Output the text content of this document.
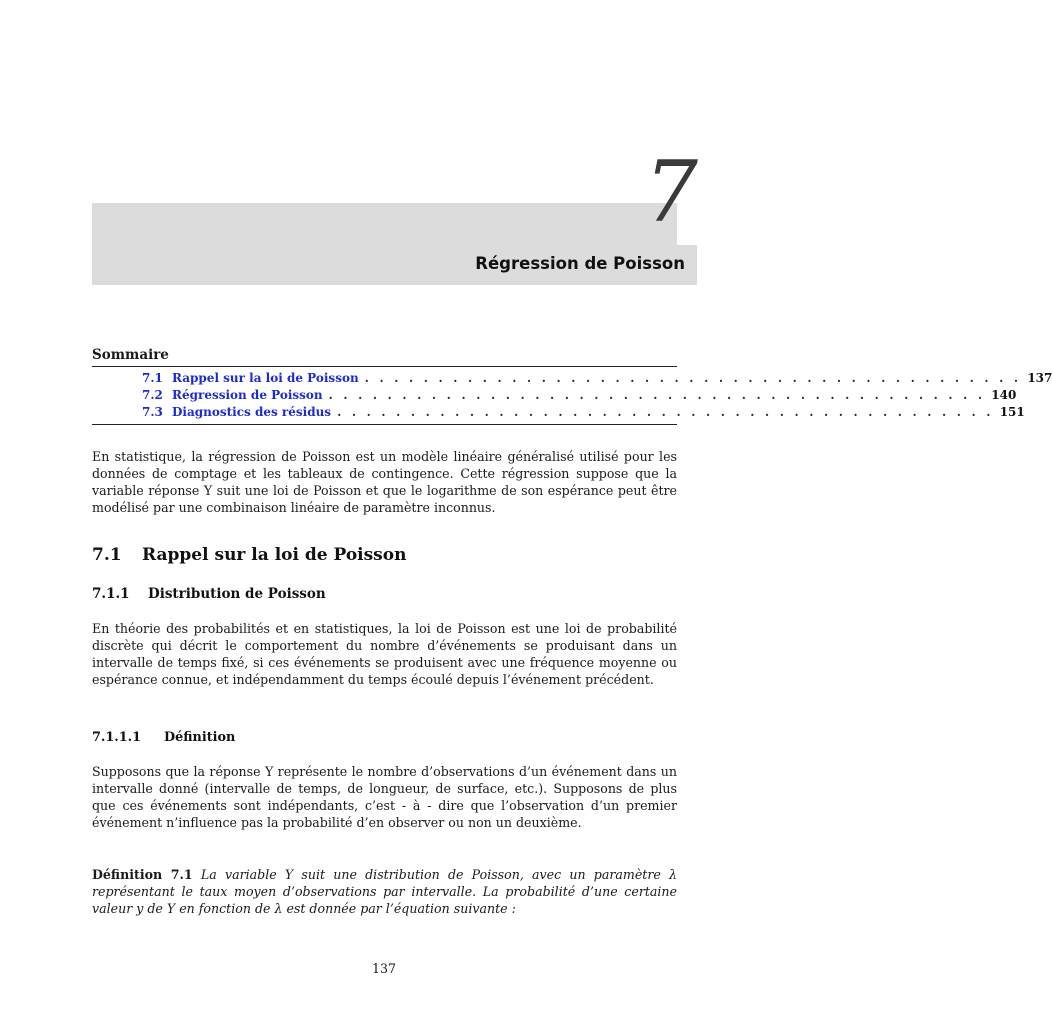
7
Régression de Poisson
Sommaire
7.1 Rappel sur la loi de Poisson . . . . . . . . . . . . . . . . . . . . . . . . . . . . . . . . . . . . . . . . . . . . . 137
7.2 Régression de Poisson . . . . . . . . . . . . . . . . . . . . . . . . . . . . . . . . . . . . . . . . . . . . . 140
7.3 Diagnostics des résidus . . . . . . . . . . . . . . . . . . . . . . . . . . . . . . . . . . . . . . . . . . . . . 151

En statistique, la régression de Poisson est un modèle linéaire généralisé utilisé pour les données de comptage et les tableaux de contingence. Cette régression suppose que la variable réponse Y suit une loi de Poisson et que le logarithme de son espérance peut être modélisé par une combinaison linéaire de paramètre inconnus.

7.1 Rappel sur la loi de Poisson
7.1.1 Distribution de Poisson

En théorie des probabilités et en statistiques, la loi de Poisson est une loi de probabilité discrète qui décrit le comportement du nombre d’événements se produisant dans un intervalle de temps fixé, si ces événements se produisent avec une fréquence moyenne ou espérance connue, et indépendamment du temps écoulé depuis l’événement précédent.

7.1.1.1 Définition

Supposons que la réponse Y représente le nombre d’observations d’un événement dans un intervalle donné (intervalle de temps, de longueur, de surface, etc.). Supposons de plus que ces événements sont indépendants, c’est - à - dire que l’observation d’un premier événement n’influence pas la probabilité d’en observer ou non un deuxième.

Définition 7.1 La variable Y suit une distribution de Poisson, avec un paramètre λ représentant le taux moyen d’observations par intervalle. La probabilité d’une certaine valeur y de Y en fonction de λ est donnée par l’équation suivante :

137
